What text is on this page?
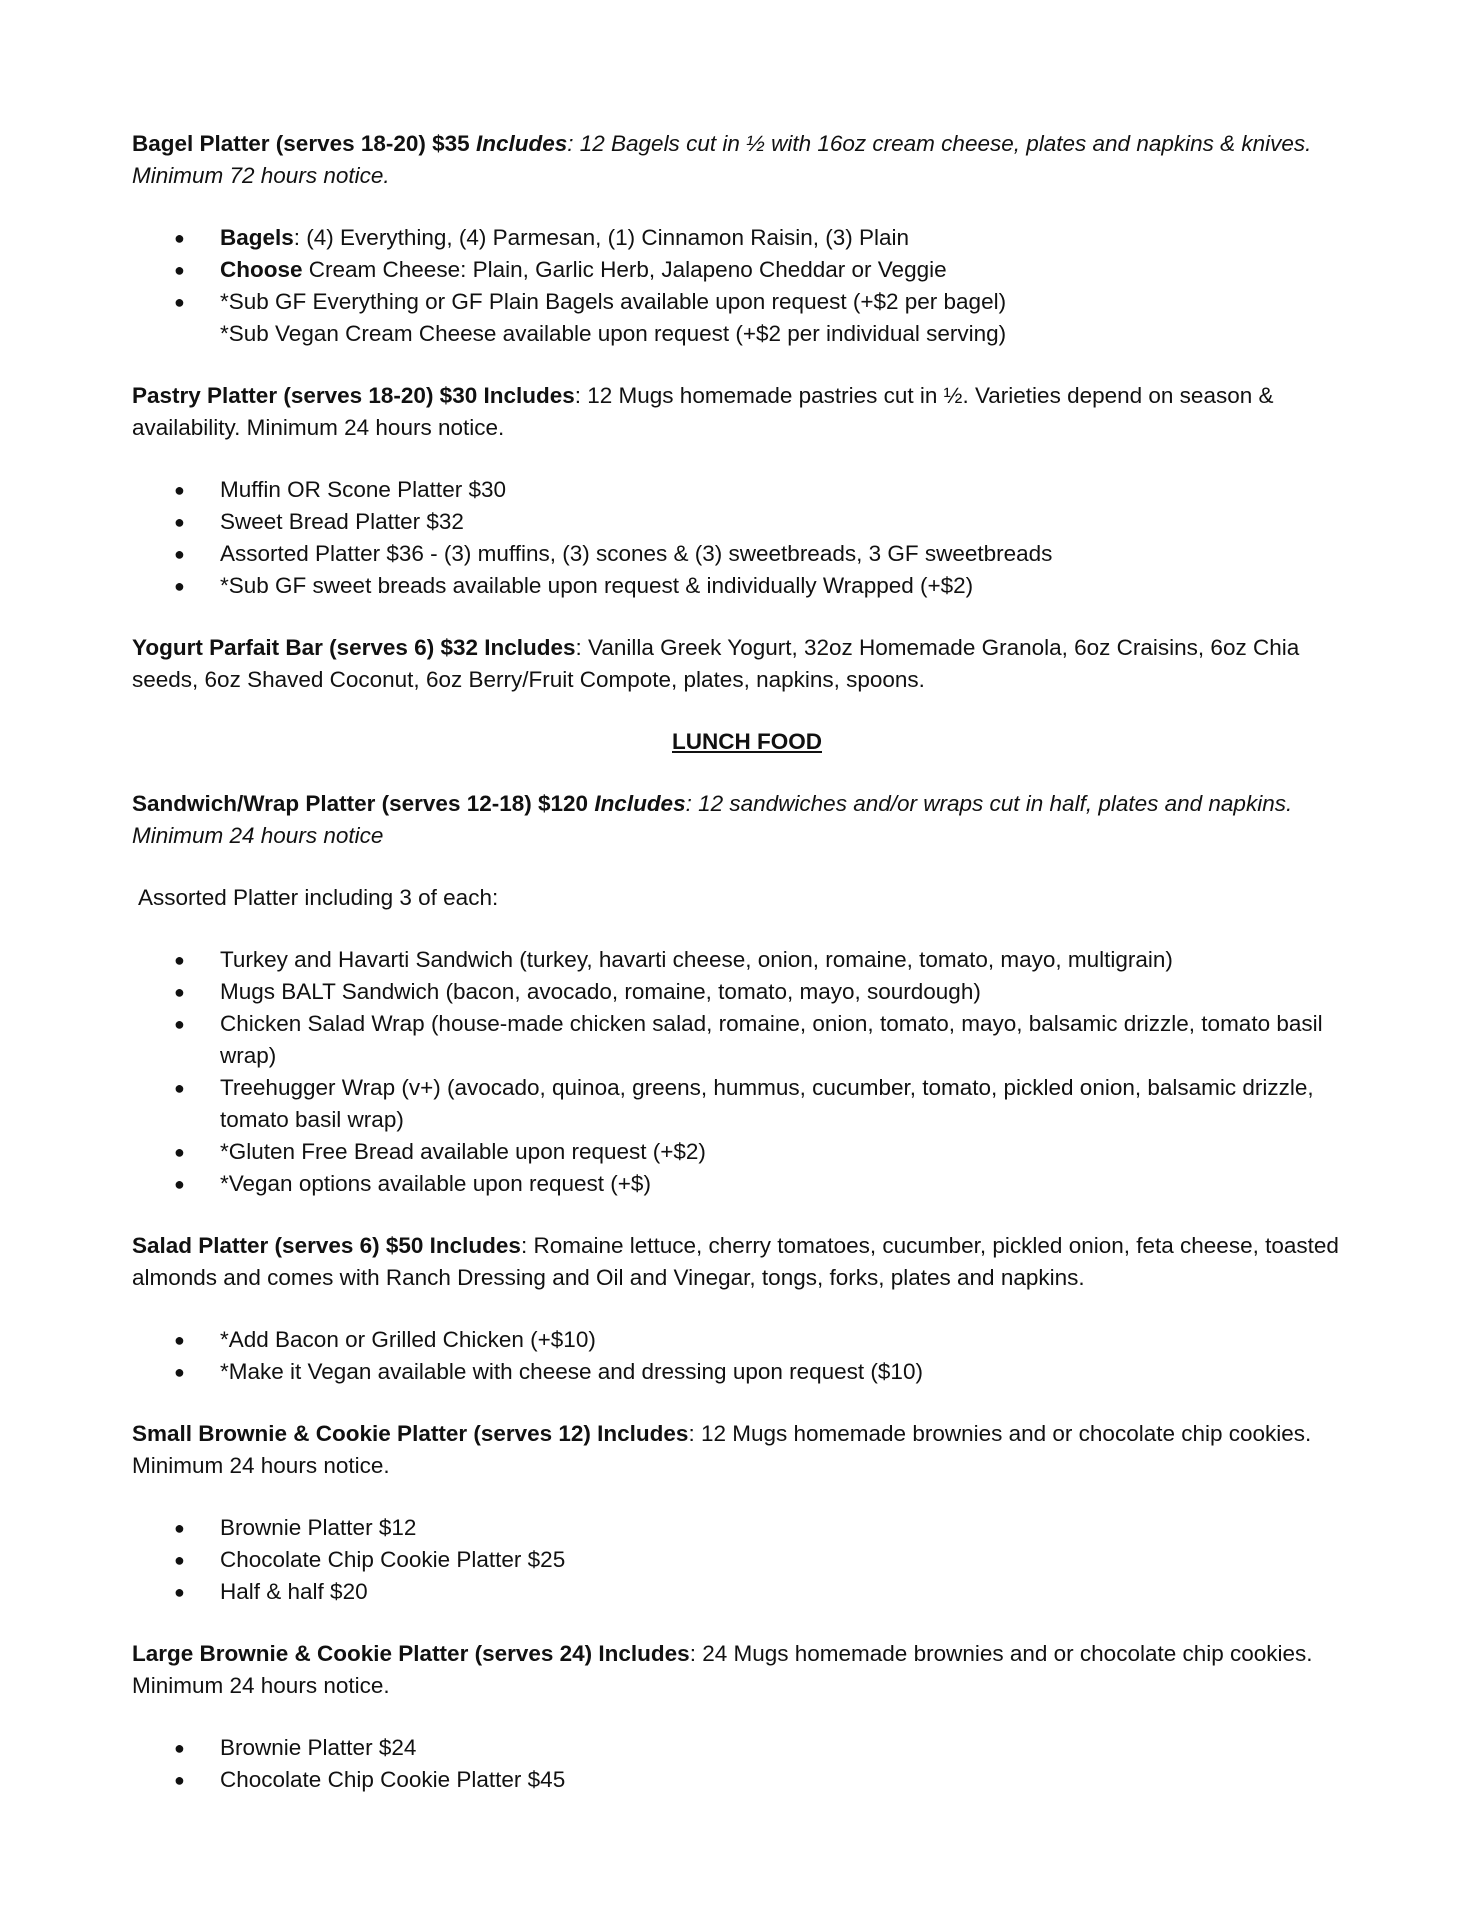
Bagel Platter (serves 18-20) $35 Includes: 12 Bagels cut in ½ with 16oz cream cheese, plates and napkins & knives. Minimum 72 hours notice.

● Bagels: (4) Everything, (4) Parmesan, (1) Cinnamon Raisin, (3) Plain
● Choose Cream Cheese: Plain, Garlic Herb, Jalapeno Cheddar or Veggie
● *Sub GF Everything or GF Plain Bagels available upon request (+$2 per bagel)

*Sub Vegan Cream Cheese available upon request (+$2 per individual serving)

Pastry Platter (serves 18-20) $30 Includes: 12 Mugs homemade pastries cut in ½. Varieties depend on season & availability. Minimum 24 hours notice.

● Muffin OR Scone Platter $30
● Sweet Bread Platter $32
● Assorted Platter $36 - (3) muffins, (3) scones & (3) sweetbreads, 3 GF sweetbreads
● *Sub GF sweet breads available upon request & individually Wrapped (+$2)

Yogurt Parfait Bar (serves 6) $32 Includes: Vanilla Greek Yogurt, 32oz Homemade Granola, 6oz Craisins, 6oz Chia seeds, 6oz Shaved Coconut, 6oz Berry/Fruit Compote, plates, napkins, spoons.

LUNCH FOOD

Sandwich/Wrap Platter (serves 12-18) $120 Includes: 12 sandwiches and/or wraps cut in half, plates and napkins. Minimum 24 hours notice

Assorted Platter including 3 of each:

● Turkey and Havarti Sandwich (turkey, havarti cheese, onion, romaine, tomato, mayo, multigrain)
● Mugs BALT Sandwich (bacon, avocado, romaine, tomato, mayo, sourdough)
● Chicken Salad Wrap (house-made chicken salad, romaine, onion, tomato, mayo, balsamic drizzle, tomato basil wrap)
● Treehugger Wrap (v+) (avocado, quinoa, greens, hummus, cucumber, tomato, pickled onion, balsamic drizzle, tomato basil wrap)
● *Gluten Free Bread available upon request (+$2)
● *Vegan options available upon request (+$)

Salad Platter (serves 6) $50 Includes: Romaine lettuce, cherry tomatoes, cucumber, pickled onion, feta cheese, toasted almonds and comes with Ranch Dressing and Oil and Vinegar, tongs, forks, plates and napkins.

● *Add Bacon or Grilled Chicken (+$10)
● *Make it Vegan available with cheese and dressing upon request ($10)

Small Brownie & Cookie Platter (serves 12) Includes: 12 Mugs homemade brownies and or chocolate chip cookies. Minimum 24 hours notice.

● Brownie Platter $12
● Chocolate Chip Cookie Platter $25
● Half & half $20

Large Brownie & Cookie Platter (serves 24) Includes: 24 Mugs homemade brownies and or chocolate chip cookies. Minimum 24 hours notice.

● Brownie Platter $24
● Chocolate Chip Cookie Platter $45
